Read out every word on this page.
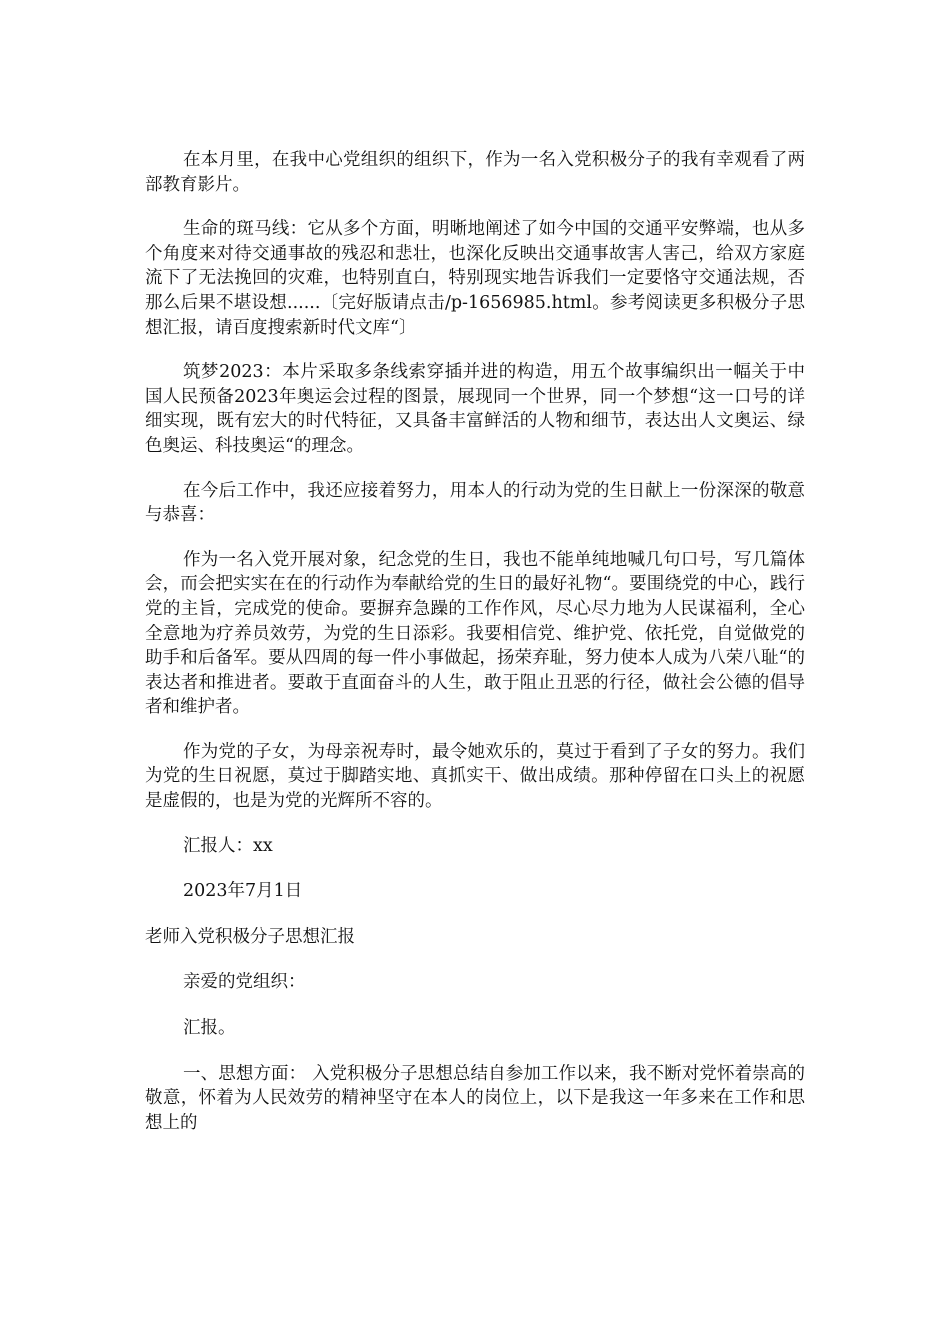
在本月里，在我中心党组织的组织下，作为一名入党积极分子的我有幸观看了两部教育影片。

生命的斑马线：它从多个方面，明晰地阐述了如今中国的交通平安弊端，也从多个角度来对待交通事故的残忍和悲壮，也深化反映出交通事故害人害己，给双方家庭流下了无法挽回的灾难，也特别直白，特别现实地告诉我们一定要恪守交通法规，否那么后果不堪设想......〔完好版请点击/p-1656985.html。参考阅读更多积极分子思想汇报，请百度搜索新时代文库“〕

筑梦2023：本片采取多条线索穿插并进的构造，用五个故事编织出一幅关于中国人民预备2023年奥运会过程的图景，展现同一个世界，同一个梦想“这一口号的详细实现，既有宏大的时代特征，又具备丰富鲜活的人物和细节，表达出人文奥运、绿色奥运、科技奥运“的理念。

在今后工作中，我还应接着努力，用本人的行动为党的生日献上一份深深的敬意与恭喜：

作为一名入党开展对象，纪念党的生日，我也不能单纯地喊几句口号，写几篇体会，而会把实实在在的行动作为奉献给党的生日的最好礼物“。要围绕党的中心，践行党的主旨，完成党的使命。要摒弃急躁的工作作风，尽心尽力地为人民谋福利，全心全意地为疗养员效劳，为党的生日添彩。我要相信党、维护党、依托党，自觉做党的助手和后备军。要从四周的每一件小事做起，扬荣弃耻，努力使本人成为八荣八耻“的表达者和推进者。要敢于直面奋斗的人生，敢于阻止丑恶的行径，做社会公德的倡导者和维护者。

作为党的子女，为母亲祝寿时，最令她欢乐的，莫过于看到了子女的努力。我们为党的生日祝愿，莫过于脚踏实地、真抓实干、做出成绩。那种停留在口头上的祝愿是虚假的，也是为党的光辉所不容的。

汇报人：xx

2023年7月1日

老师入党积极分子思想汇报

亲爱的党组织：

汇报。

一、思想方面： 入党积极分子思想总结自参加工作以来，我不断对党怀着崇高的敬意，怀着为人民效劳的精神坚守在本人的岗位上，以下是我这一年多来在工作和思想上的
